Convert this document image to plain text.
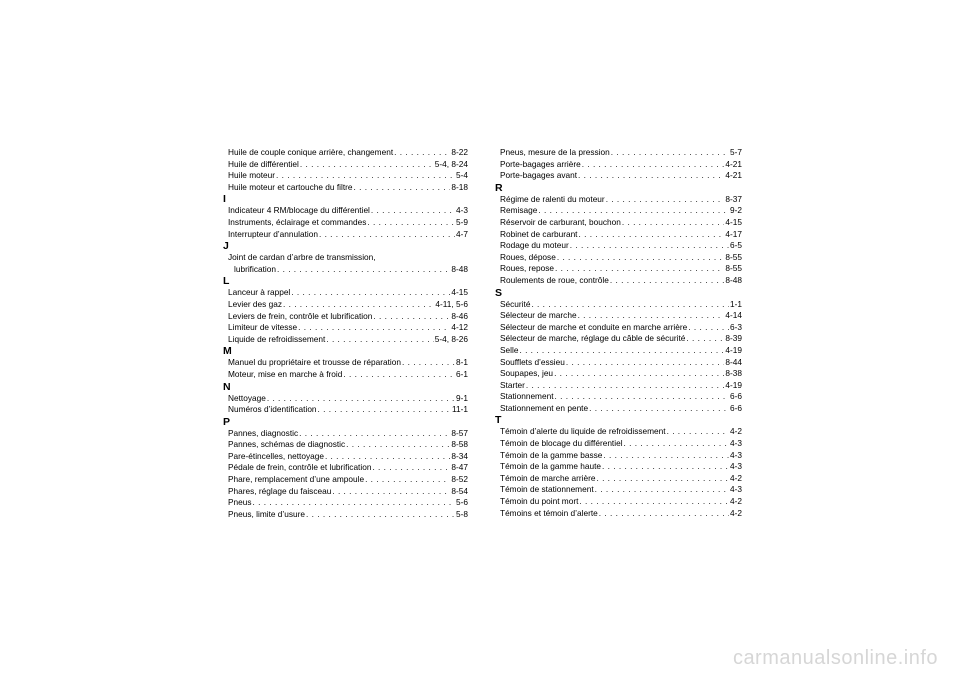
Huile de couple conique arrière, changement . . .	8-22
Huile de différentiel . . .	5-4, 8-24
Huile moteur . . .	5-4
Huile moteur et cartouche du filtre . . .	8-18
I
Indicateur 4 RM/blocage du différentiel . . .	4-3
Instruments, éclairage et commandes . . .	5-9
Interrupteur d’annulation . . .	4-7
J
Joint de cardan d’arbre de transmission,
lubrification . . .	8-48
L
Lanceur à rappel . . .	4-15
Levier des gaz . . .	4-11, 5-6
Leviers de frein, contrôle et lubrification . . .	8-46
Limiteur de vitesse . . .	4-12
Liquide de refroidissement . . .	5-4, 8-26
M
Manuel du propriétaire et trousse de réparation . . .	8-1
Moteur, mise en marche à froid . . .	6-1
N
Nettoyage . . .	9-1
Numéros d’identification . . .	11-1
P
Pannes, diagnostic . . .	8-57
Pannes, schémas de diagnostic . . .	8-58
Pare-étincelles, nettoyage . . .	8-34
Pédale de frein, contrôle et lubrification . . .	8-47
Phare, remplacement d’une ampoule . . .	8-52
Phares, réglage du faisceau . . .	8-54
Pneus . . .	5-6
Pneus, limite d’usure . . .	5-8
Pneus, mesure de la pression . . .	5-7
Porte-bagages arrière . . .	4-21
Porte-bagages avant . . .	4-21
R
Régime de ralenti du moteur . . .	8-37
Remisage . . .	9-2
Réservoir de carburant, bouchon . . .	4-15
Robinet de carburant . . .	4-17
Rodage du moteur . . .	6-5
Roues, dépose . . .	8-55
Roues, repose . . .	8-55
Roulements de roue, contrôle . . .	8-48
S
Sécurité . . .	1-1
Sélecteur de marche . . .	4-14
Sélecteur de marche et conduite en marche arrière . . .	6-3
Sélecteur de marche, réglage du câble de sécurité . . .	8-39
Selle . . .	4-19
Soufflets d’essieu . . .	8-44
Soupapes, jeu . . .	8-38
Starter . . .	4-19
Stationnement . . .	6-6
Stationnement en pente . . .	6-6
T
Témoin d’alerte du liquide de refroidissement . . .	4-2
Témoin de blocage du différentiel . . .	4-3
Témoin de la gamme basse . . .	4-3
Témoin de la gamme haute . . .	4-3
Témoin de marche arrière . . .	4-2
Témoin de stationnement . . .	4-3
Témoin du point mort . . .	4-2
Témoins et témoin d’alerte . . .	4-2
carmanualsonline.info
